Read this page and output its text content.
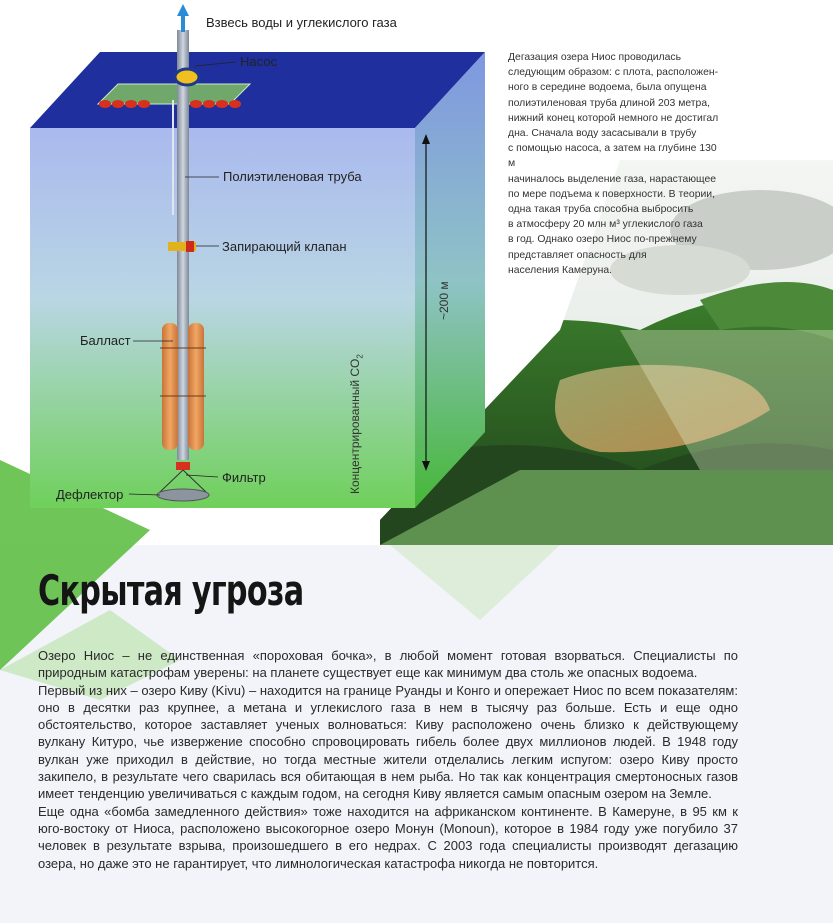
Взвесь воды и углекислого газа
Насос
Полиэтиленовая труба
Запирающий клапан
Балласт
Фильтр
Дефлектор
~200 м
Концентрированный $CO_2$
Дегазация озера Ниос проводилась
следующим образом: с плота, расположен-
ного в середине водоема, была опущена
полиэтиленовая труба длиной 203 метра,
нижний конец которой немного не достигал
дна. Сначала воду засасывали в трубу
с помощью насоса, а затем на глубине 130 м
начиналось выделение газа, нарастающее
по мере подъема к поверхности. В теории,
одна такая труба способна выбросить
в атмосферу 20 млн м³ углекислого газа
в год. Однако озеро Ниос по-прежнему
представляет опасность для
населения Камеруна.
Скрытая угроза

Озеро Ниос – не единственная «пороховая бочка», в любой момент готовая взорваться. Специалисты по природным катастрофам уверены: на планете существует еще как минимум два столь же опасных водоема.

Первый из них – озеро Киву (Kivu) – находится на границе Руанды и Конго и опережает Ниос по всем показателям: оно в десятки раз крупнее, а метана и углекислого газа в нем в тысячу раз больше. Есть и еще одно обстоятельство, которое заставляет ученых волноваться: Киву расположено очень близко к действующему вулкану Китуро, чье извержение способно спровоцировать гибель более двух миллионов людей. В 1948 году вулкан уже приходил в действие, но тогда местные жители отделались легким испугом: озеро Киву просто закипело, в результате чего сварилась вся обитающая в нем рыба. Но так как концентрация смертоносных газов имеет тенденцию увеличиваться с каждым годом, на сегодня Киву является самым опасным озером на Земле.

Еще одна «бомба замедленного действия» тоже находится на африканском континенте. В Камеруне, в 95 км к юго-востоку от Ниоса, расположено высокогорное озеро Монун (Monoun), которое в 1984 году уже погубило 37 человек в результате взрыва, произошедшего в его недрах. С 2003 года специалисты производят дегазацию озера, но даже это не гарантирует, что лимнологическая катастрофа никогда не повторится.
